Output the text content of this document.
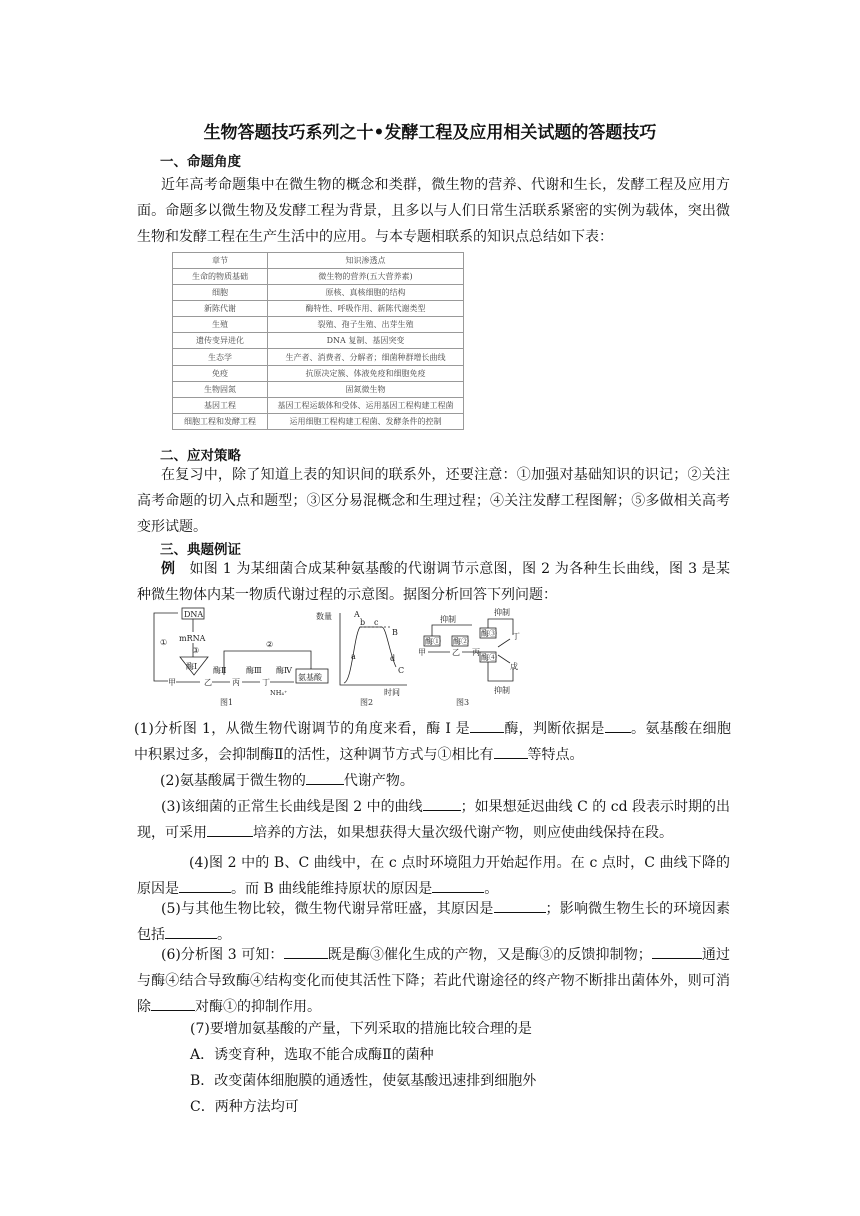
生物答题技巧系列之十•发酵工程及应用相关试题的答题技巧
一、命题角度
近年高考命题集中在微生物的概念和类群，微生物的营养、代谢和生长，发酵工程及应用方面。命题多以微生物及发酵工程为背景，且多以与人们日常生活联系紧密的实例为载体，突出微生物和发酵工程在生产生活中的应用。与本专题相联系的知识点总结如下表：
章节	知识渗透点
生命的物质基础	微生物的营养(五大营养素)
细胞	原核、真核细胞的结构
新陈代谢	酶特性、呼吸作用、新陈代谢类型
生殖	裂殖、孢子生殖、出芽生殖
遗传变异进化	DNA 复制、基因突变
生态学	生产者、消费者、分解者；细菌种群增长曲线
免疫	抗原决定簇、体液免疫和细胞免疫
生物固氮	固氮微生物
基因工程	基因工程运载体和受体、运用基因工程构建工程菌
细胞工程和发酵工程	运用细胞工程构建工程菌、发酵条件的控制
二、应对策略
在复习中，除了知道上表的知识间的联系外，还要注意：①加强对基础知识的识记；②关注高考命题的切入点和题型；③区分易混概念和生理过程；④关注发酵工程图解；⑤多做相关高考变形试题。
三、典题例证
例 如图 1 为某细菌合成某种氨基酸的代谢调节示意图，图 2 为各种生长曲线，图 3 是某种微生物体内某一物质代谢过程的示意图。据图分析回答下列问题：
DNA
mRNA
①
③
②
酶Ⅰ 酶Ⅱ 酶Ⅲ 酶Ⅳ
甲	乙	丙	丁
NH₄⁺
氨基酸
图1
数量
时间
A
B
C
a
b c
d
图2
抑制
抑制
抑制
酶① 酶②
酶③
酶④
甲	乙 丙
丁
戊
图3
(1)分析图 1，从微生物代谢调节的角度来看，酶 I 是 酶，判断依据是 。氨基酸在细胞中积累过多，会抑制酶Ⅱ的活性，这种调节方式与①相比有 等特点。
(2)氨基酸属于微生物的	代谢产物。
(3)该细菌的正常生长曲线是图 2 中的曲线	；如果想延迟曲线 C 的 cd 段表示时期的出现，可采用	培养的方法，如果想获得大量次级代谢产物，则应使曲线保持在段。
(4)图 2 中的 B、C 曲线中，在 c 点时环境阻力开始起作用。在 c 点时，C 曲线下降的原因是	。而 B 曲线能维持原状的原因是	。
(5)与其他生物比较，微生物代谢异常旺盛，其原因是	；影响微生物生长的环境因素包括	。
(6)分析图 3 可知：	既是酶③催化生成的产物，又是酶③的反馈抑制物；	通过与酶④结合导致酶④结构变化而使其活性下降；若此代谢途径的终产物不断排出菌体外，则可消除	对酶①的抑制作用。
(7)要增加氨基酸的产量，下列采取的措施比较合理的是
A．诱变育种，选取不能合成酶Ⅱ的菌种
B．改变菌体细胞膜的通透性，使氨基酸迅速排到细胞外
C．两种方法均可
